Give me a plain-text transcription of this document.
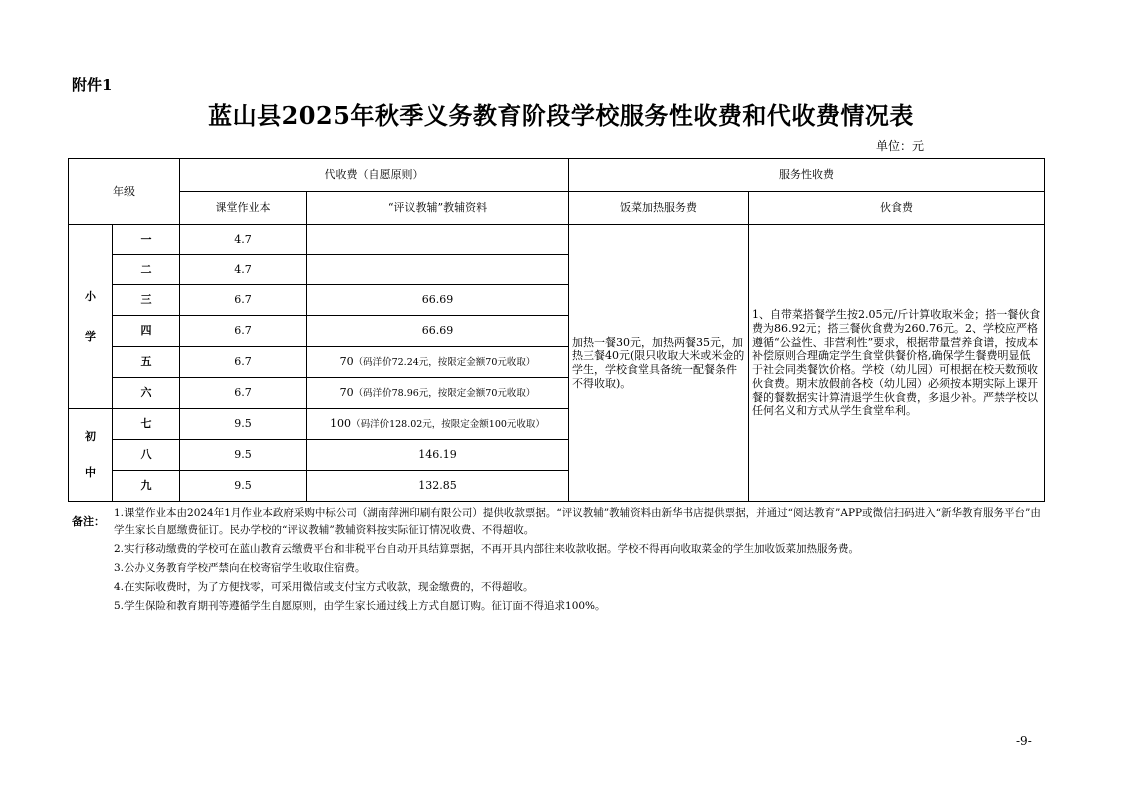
附件1
蓝山县2025年秋季义务教育阶段学校服务性收费和代收费情况表
单位：元
年级		代收费（自愿原则）		服务性收费	
		课堂作业本	“评议教辅”教辅资料	饭菜加热服务费	伙食费

小
学	一	4.7		加热一餐30元，加热两餐35元，加热三餐40元(限只收取大米或米金的学生，学校食堂具备统一配餐条件不得收取)。	1、自带菜搭餐学生按2.05元/斤计算收取米金；搭一餐伙食费为86.92元；搭三餐伙食费为260.76元。2、学校应严格遵循“公益性、非营利性”要求，根据带量营养食谱，按成本补偿原则合理确定学生食堂供餐价格,确保学生餐费明显低于社会同类餐饮价格。学校（幼儿园）可根据在校天数预收伙食费。期末放假前各校（幼儿园）必须按本期实际上课开餐的餐数据实计算清退学生伙食费，多退少补。严禁学校以任何名义和方式从学生食堂牟利。
	二	4.7			
	三	6.7	66.69		
	四	6.7	66.69		
	五	6.7	70（码洋价72.24元，按限定金额70元收取）		
	六	6.7	70（码洋价78.96元，按限定金额70元收取）		

初
中	七	9.5	100（码洋价128.02元，按限定金额100元收取）		
	八	9.5	146.19		
	九	9.5	132.85		
备注：
1.课堂作业本由2024年1月作业本政府采购中标公司（湖南萍洲印刷有限公司）提供收款票据。“评议教辅”教辅资料由新华书店提供票据，并通过“阅达教育”APP或微信扫码进入“新华教育服务平台”由学生家长自愿缴费征订。民办学校的“评议教辅”教辅资料按实际征订情况收费、不得超收。
2.实行移动缴费的学校可在蓝山教育云缴费平台和非税平台自动开具结算票据，不再开具内部往来收款收据。学校不得再向收取菜金的学生加收饭菜加热服务费。
3.公办义务教育学校严禁向在校寄宿学生收取住宿费。
4.在实际收费时，为了方便找零，可采用微信或支付宝方式收款，现金缴费的，不得超收。
5.学生保险和教育期刊等遵循学生自愿原则，由学生家长通过线上方式自愿订购。征订面不得追求100%。
-9-
